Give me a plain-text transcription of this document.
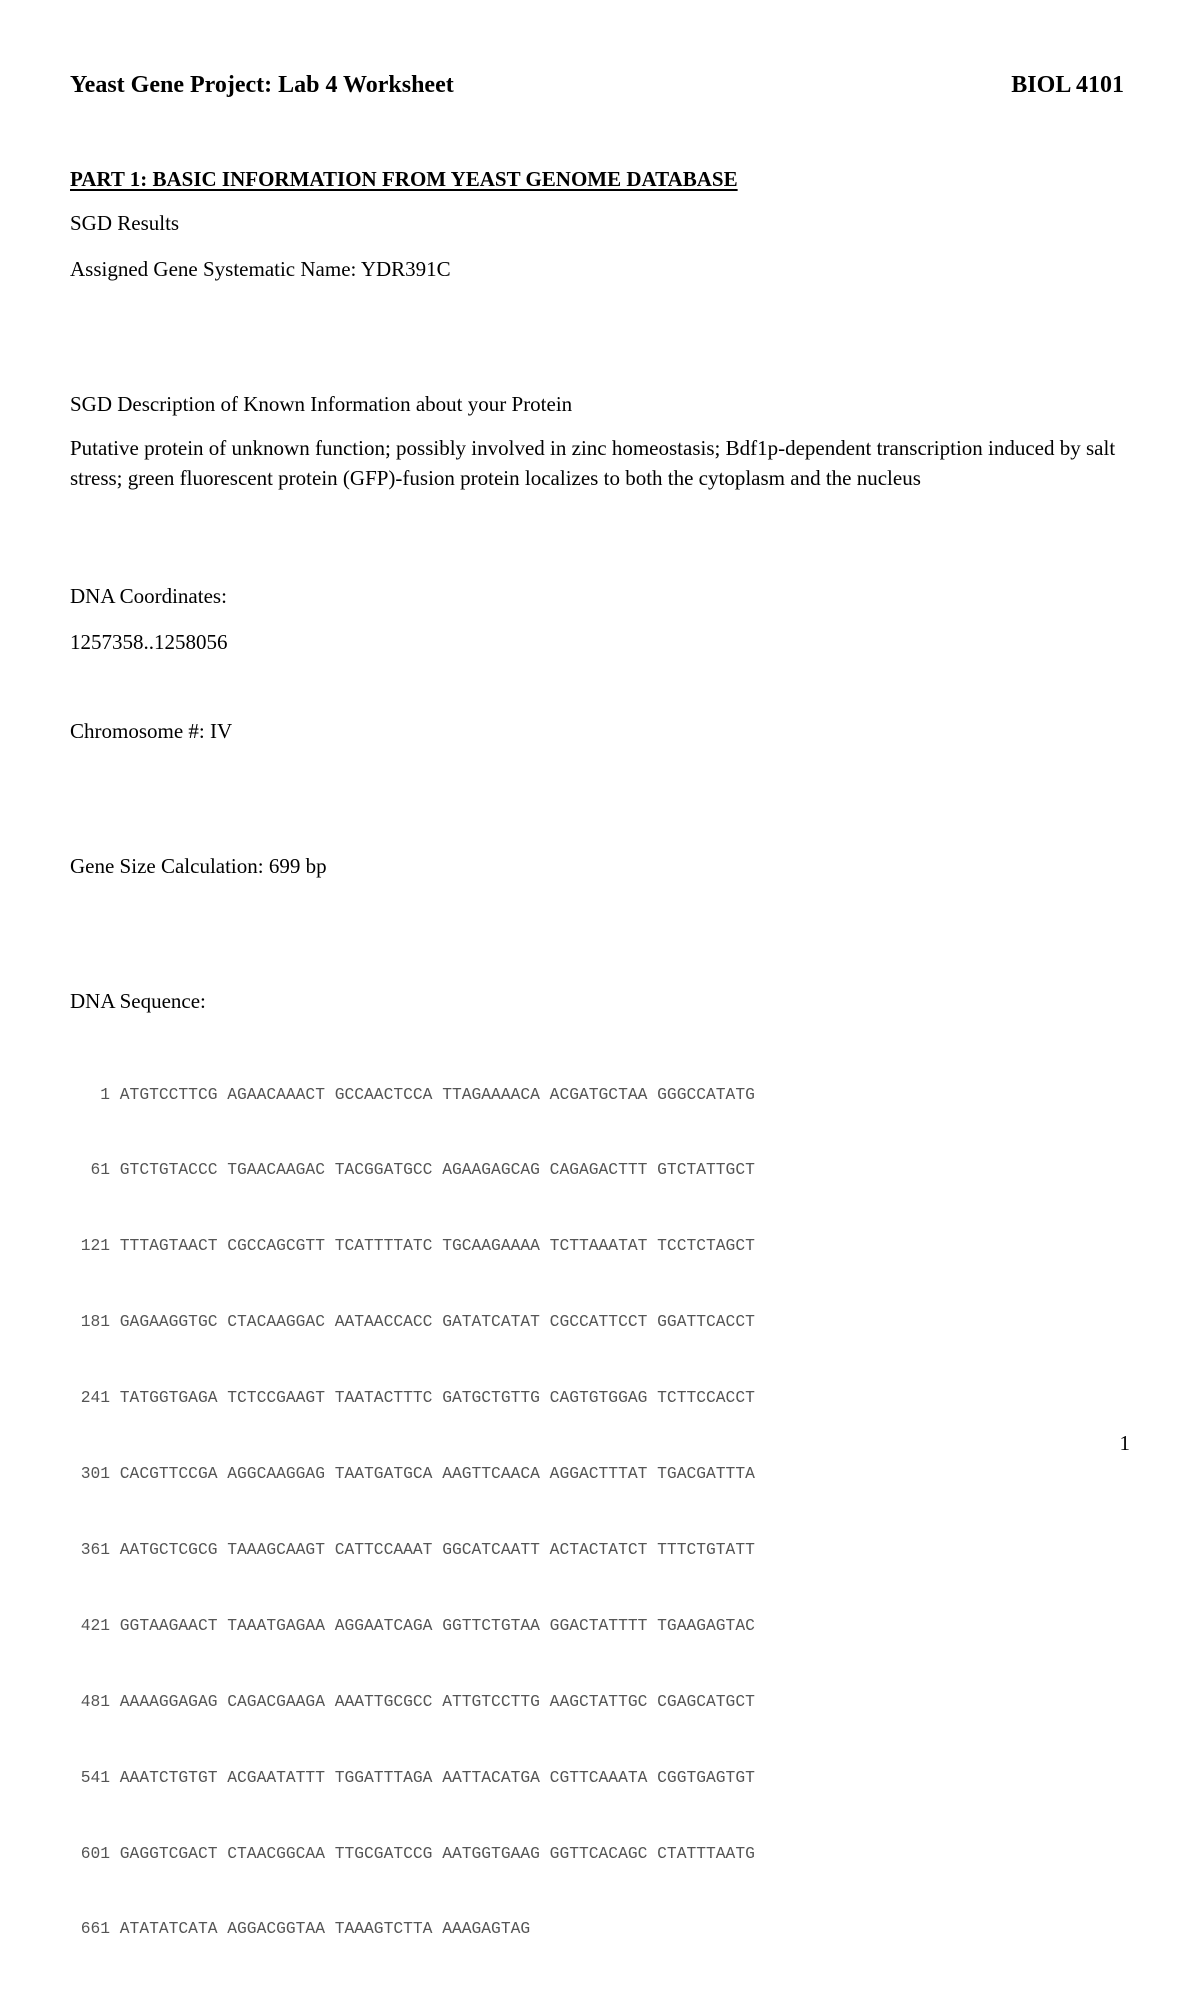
Yeast Gene Project: Lab 4 Worksheet	BIOL 4101
PART 1: BASIC INFORMATION FROM YEAST GENOME DATABASE
SGD Results
Assigned Gene Systematic Name: YDR391C
SGD Description of Known Information about your Protein
Putative protein of unknown function; possibly involved in zinc homeostasis; Bdf1p-dependent transcription induced by salt stress; green fluorescent protein (GFP)-fusion protein localizes to both the cytoplasm and the nucleus
DNA Coordinates:
1257358..1258056
Chromosome #: IV
Gene Size Calculation: 699 bp
DNA Sequence:

1 ATGTCCTTCG AGAACAAACT GCCAACTCCA TTAGAAAACA ACGATGCTAA GGGCCATATG

61 GTCTGTACCC TGAACAAGAC TACGGATGCC AGAAGAGCAG CAGAGACTTT GTCTATTGCT

121 TTTAGTAACT CGCCAGCGTT TCATTTTATC TGCAAGAAAA TCTTAAATAT TCCTCTAGCT

181 GAGAAGGTGC CTACAAGGAC AATAACCACC GATATCATAT CGCCATTCCT GGATTCACCT

241 TATGGTGAGA TCTCCGAAGT TAATACTTTC GATGCTGTTG CAGTGTGGAG TCTTCCACCT

301 CACGTTCCGA AGGCAAGGAG TAATGATGCA AAGTTCAACA AGGACTTTAT TGACGATTTA

361 AATGCTCGCG TAAAGCAAGT CATTCCAAAT GGCATCAATT ACTACTATCT TTTCTGTATT

421 GGTAAGAACT TAAATGAGAA AGGAATCAGA GGTTCTGTAA GGACTATTTT TGAAGAGTAC

481 AAAAGGAGAG CAGACGAAGA AAATTGCGCC ATTGTCCTTG AAGCTATTGC CGAGCATGCT

541 AAATCTGTGT ACGAATATTT TGGATTTAGA AATTACATGA CGTTCAAATA CGGTGAGTGT

601 GAGGTCGACT CTAACGGCAA TTGCGATCCG AATGGTGAAG GGTTCACAGC CTATTTAATG

661 ATATATCATA AGGACGGTAA TAAAGTCTTA AAAGAGTAG

1
